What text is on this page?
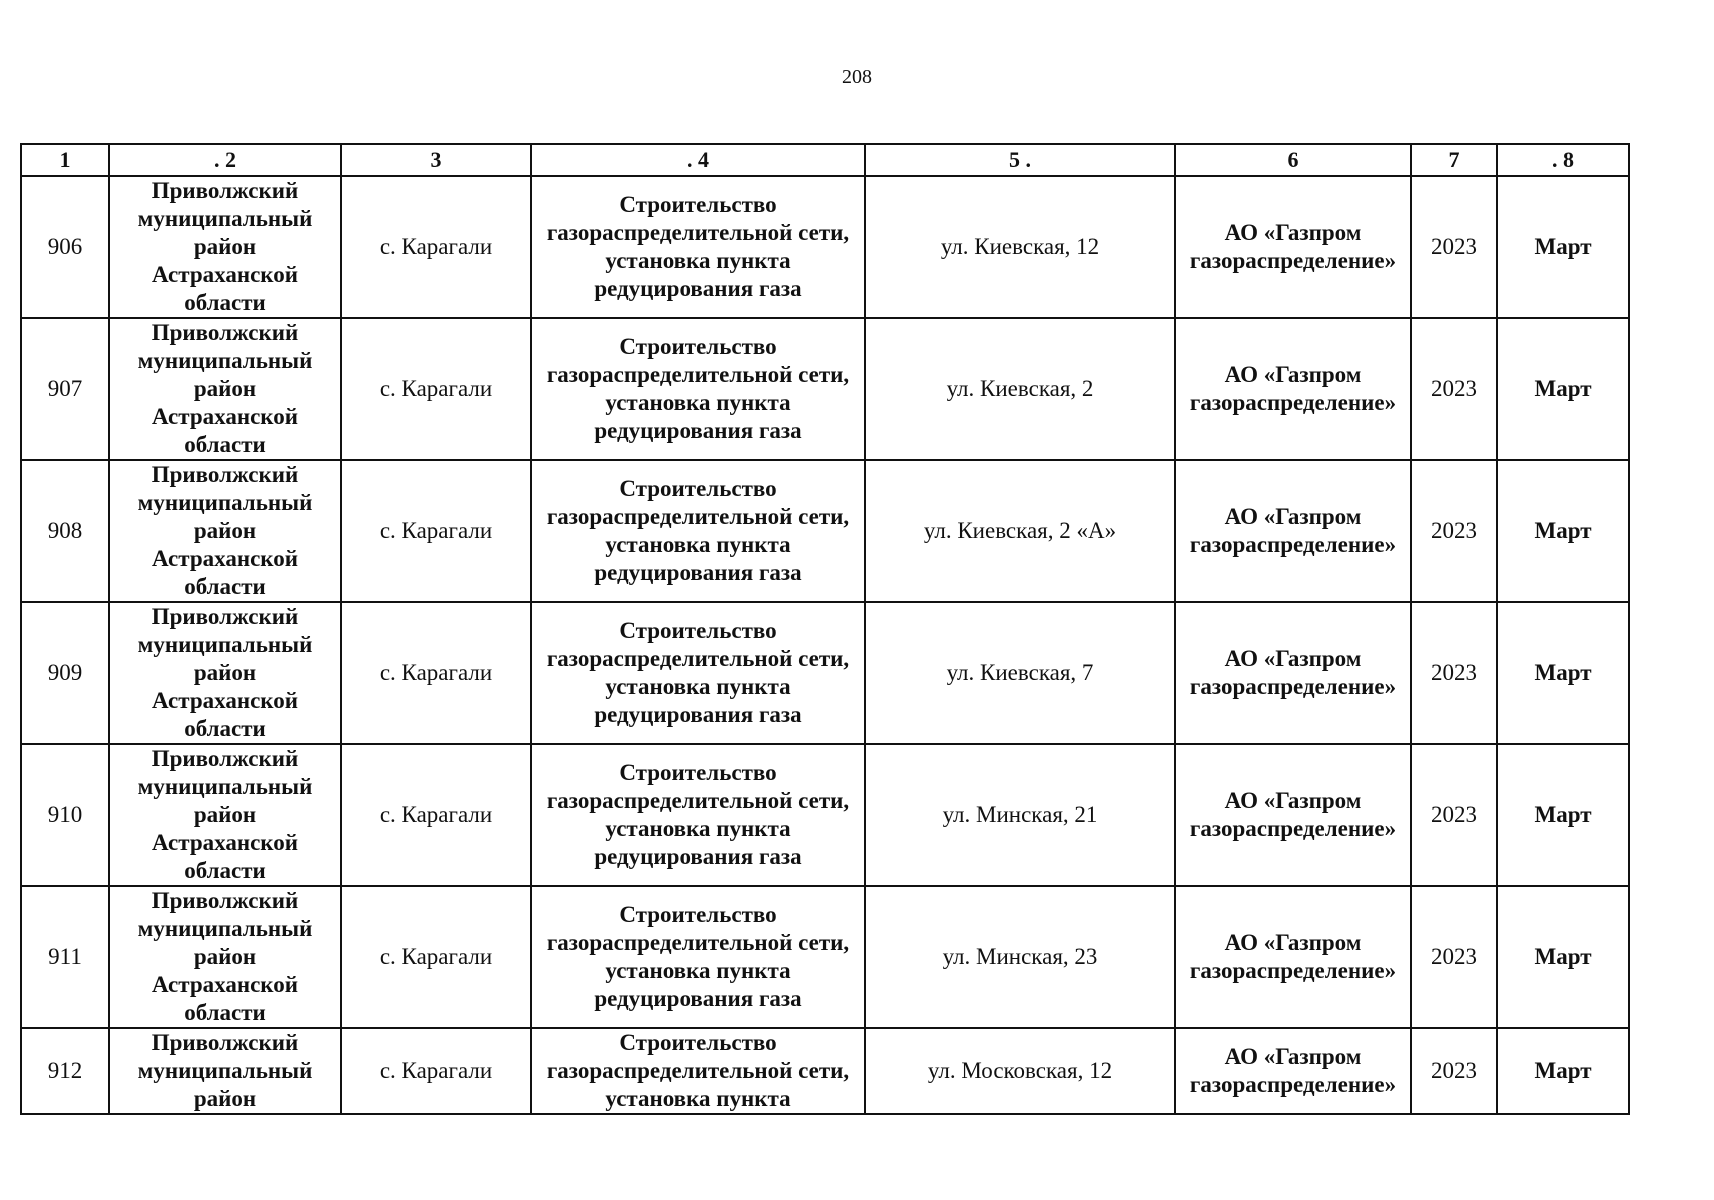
208
1	. 2	3	. 4	5 .	6	7	. 8
906	Приволжский
муниципальный
район
Астраханской
области	с. Карагали	Строительство
газораспределительной сети,
установка пункта
редуцирования газа	ул. Киевская, 12	АО «Газпром
газораспределение»	2023	Март
907	Приволжский
муниципальный
район
Астраханской
области	с. Карагали	Строительство
газораспределительной сети,
установка пункта
редуцирования газа	ул. Киевская, 2	АО «Газпром
газораспределение»	2023	Март
908	Приволжский
муниципальный
район
Астраханской
области	с. Карагали	Строительство
газораспределительной сети,
установка пункта
редуцирования газа	ул. Киевская, 2 «А»	АО «Газпром
газораспределение»	2023	Март
909	Приволжский
муниципальный
район
Астраханской
области	с. Карагали	Строительство
газораспределительной сети,
установка пункта
редуцирования газа	ул. Киевская, 7	АО «Газпром
газораспределение»	2023	Март
910	Приволжский
муниципальный
район
Астраханской
области	с. Карагали	Строительство
газораспределительной сети,
установка пункта
редуцирования газа	ул. Минская, 21	АО «Газпром
газораспределение»	2023	Март
911	Приволжский
муниципальный
район
Астраханской
области	с. Карагали	Строительство
газораспределительной сети,
установка пункта
редуцирования газа	ул. Минская, 23	АО «Газпром
газораспределение»	2023	Март
912	Приволжский
муниципальный
район	с. Карагали	Строительство
газораспределительной сети,
установка пункта	ул. Московская, 12	АО «Газпром
газораспределение»	2023	Март
